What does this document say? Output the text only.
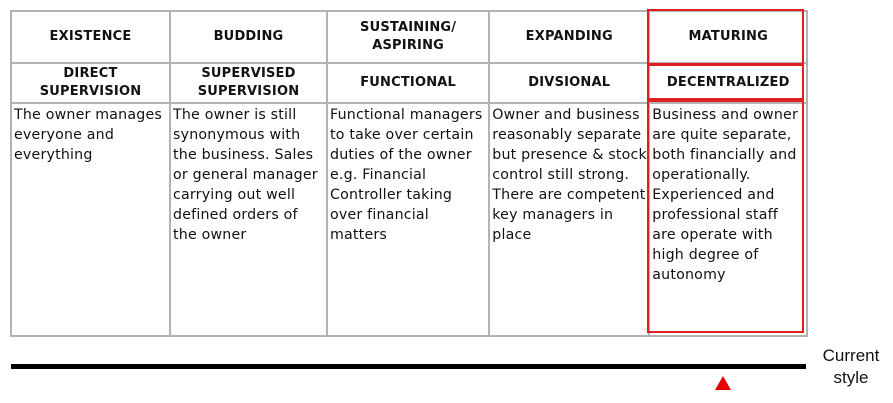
EXISTENCE	BUDDING	SUSTAINING/ ASPIRING	EXPANDING	MATURING

DIRECT SUPERVISION	SUPERVISED SUPERVISION	FUNCTIONAL	DIVSIONAL	DECENTRALIZED

The owner manages everyone and everything	The owner is still synonymous with the business. Sales or general manager carrying out well defined orders of the owner	Functional managers to take over certain duties of the owner e.g. Financial Controller taking over financial matters	Owner and business reasonably separate but presence & stock control still strong. There are competent key managers in place	Business and owner are quite separate, both financially and operationally. Experienced and professional staff are operate with high degree of autonomy
Current
style
